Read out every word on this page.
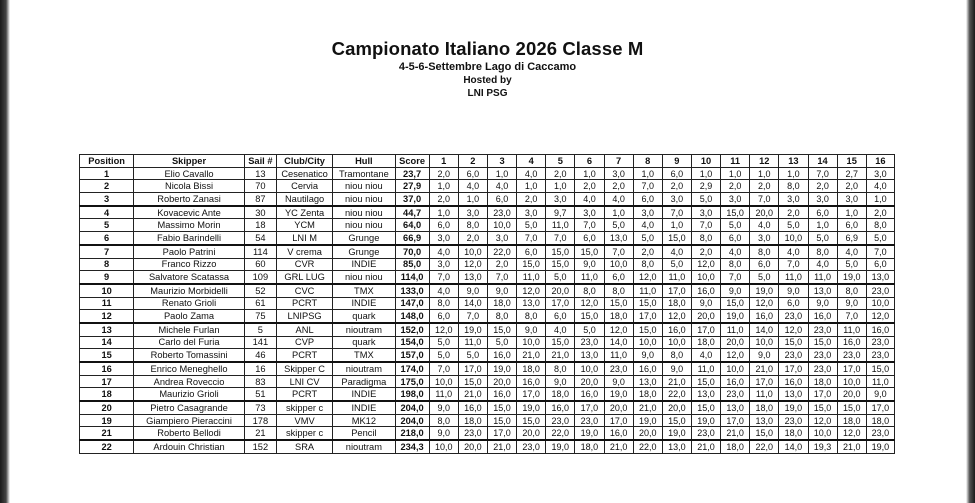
Campionato Italiano 2026 Classe M

4-5-6-Settembre Lago di Caccamo

Hosted by

LNI PSG

Position	Skipper	Sail #	Club/City	Hull	Score	1	2	3	4	5	6	7	8	9	10	11	12	13	14	15	16
1	Elio Cavallo	13	Cesenatico	Tramontane	23,7	2,0	6,0	1,0	4,0	2,0	1,0	3,0	1,0	6,0	1,0	1,0	1,0	1,0	7,0	2,7	3,0
2	Nicola Bissi	70	Cervia	niou niou	27,9	1,0	4,0	4,0	1,0	1,0	2,0	2,0	7,0	2,0	2,9	2,0	2,0	8,0	2,0	2,0	4,0
3	Roberto Zanasi	87	Nautilago	niou niou	37,0	2,0	1,0	6,0	2,0	3,0	4,0	4,0	6,0	3,0	5,0	3,0	7,0	3,0	3,0	3,0	1,0
4	Kovacevic Ante	30	YC Zenta	niou niou	44,7	1,0	3,0	23,0	3,0	9,7	3,0	1,0	3,0	7,0	3,0	15,0	20,0	2,0	6,0	1,0	2,0
5	Massimo Morin	18	YCM	niou niou	64,0	6,0	8,0	10,0	5,0	11,0	7,0	5,0	4,0	1,0	7,0	5,0	4,0	5,0	1,0	6,0	8,0
6	Fabio Barindelli	54	LNI M	Grunge	66,9	3,0	2,0	3,0	7,0	7,0	6,0	13,0	5,0	15,0	8,0	6,0	3,0	10,0	5,0	6,9	5,0
7	Paolo Patrini	114	V crema	Grunge	70,0	4,0	10,0	22,0	6,0	15,0	15,0	7,0	2,0	4,0	2,0	4,0	8,0	4,0	8,0	4,0	7,0
8	Franco Rizzo	60	CVR	INDIE	85,0	3,0	12,0	2,0	15,0	15,0	9,0	10,0	8,0	5,0	12,0	8,0	6,0	7,0	4,0	5,0	6,0
9	Salvatore Scatassa	109	GRL LUG	niou niou	114,0	7,0	13,0	7,0	11,0	5,0	11,0	6,0	12,0	11,0	10,0	7,0	5,0	11,0	11,0	19,0	13,0
10	Maurizio Morbidelli	52	CVC	TMX	133,0	4,0	9,0	9,0	12,0	20,0	8,0	8,0	11,0	17,0	16,0	9,0	19,0	9,0	13,0	8,0	23,0
11	Renato Grioli	61	PCRT	INDIE	147,0	8,0	14,0	18,0	13,0	17,0	12,0	15,0	15,0	18,0	9,0	15,0	12,0	6,0	9,0	9,0	10,0
12	Paolo Zama	75	LNIPSG	quark	148,0	6,0	7,0	8,0	8,0	6,0	15,0	18,0	17,0	12,0	20,0	19,0	16,0	23,0	16,0	7,0	12,0
13	Michele Furlan	5	ANL	nioutram	152,0	12,0	19,0	15,0	9,0	4,0	5,0	12,0	15,0	16,0	17,0	11,0	14,0	12,0	23,0	11,0	16,0
14	Carlo del Furia	141	CVP	quark	154,0	5,0	11,0	5,0	10,0	15,0	23,0	14,0	10,0	10,0	18,0	20,0	10,0	15,0	15,0	16,0	23,0
15	Roberto Tomassini	46	PCRT	TMX	157,0	5,0	5,0	16,0	21,0	21,0	13,0	11,0	9,0	8,0	4,0	12,0	9,0	23,0	23,0	23,0	23,0
16	Enrico Meneghello	16	Skipper C	nioutram	174,0	7,0	17,0	19,0	18,0	8,0	10,0	23,0	16,0	9,0	11,0	10,0	21,0	17,0	23,0	17,0	15,0
17	Andrea Roveccio	83	LNI CV	Paradigma	175,0	10,0	15,0	20,0	16,0	9,0	20,0	9,0	13,0	21,0	15,0	16,0	17,0	16,0	18,0	10,0	11,0
18	Maurizio Grioli	51	PCRT	INDIE	198,0	11,0	21,0	16,0	17,0	18,0	16,0	19,0	18,0	22,0	13,0	23,0	11,0	13,0	17,0	20,0	9,0
20	Pietro Casagrande	73	skipper c	INDIE	204,0	9,0	16,0	15,0	19,0	16,0	17,0	20,0	21,0	20,0	15,0	13,0	18,0	19,0	15,0	15,0	17,0
19	Giampiero Pieraccini	178	VMV	MK12	204,0	8,0	18,0	15,0	15,0	23,0	23,0	17,0	19,0	15,0	19,0	17,0	13,0	23,0	12,0	18,0	18,0
21	Roberto Bellodi	21	skipper c	Pencil	218,0	9,0	23,0	17,0	20,0	22,0	19,0	16,0	20,0	19,0	23,0	21,0	15,0	18,0	10,0	12,0	23,0
22	Ardouin Christian	152	SRA	nioutram	234,3	10,0	20,0	21,0	23,0	19,0	18,0	21,0	22,0	13,0	21,0	18,0	22,0	14,0	19,3	21,0	19,0
